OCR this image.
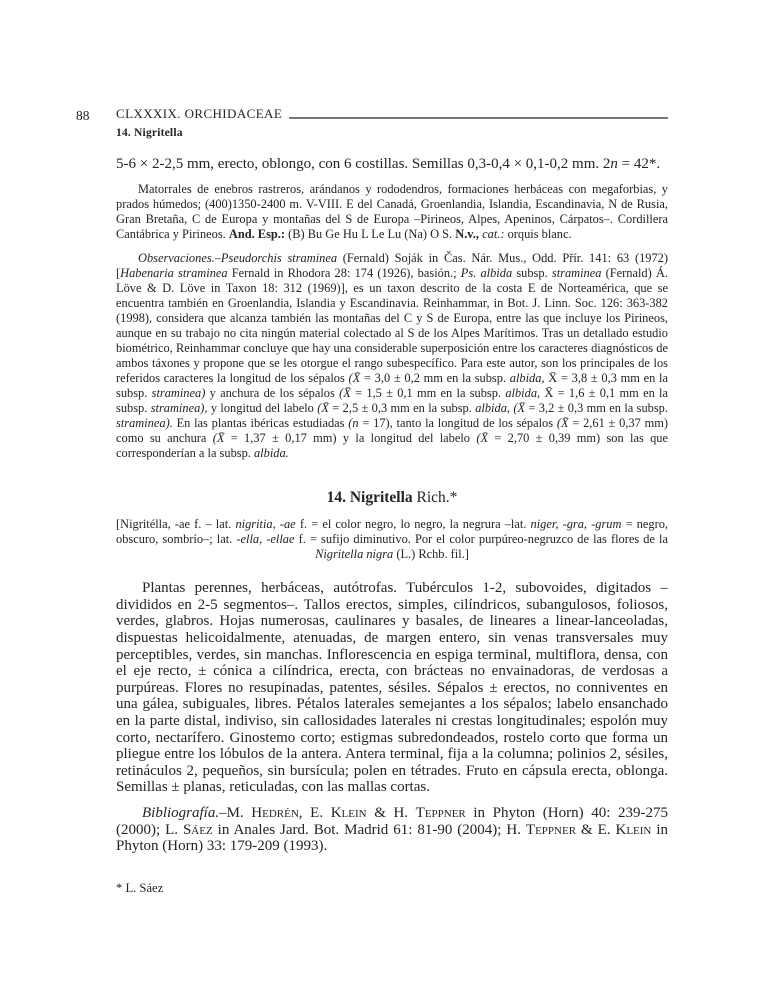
88 CLXXXIX. ORCHIDACEAE
14. Nigritella

5-6 × 2-2,5 mm, erecto, oblongo, con 6 costillas. Semillas 0,3-0,4 × 0,1-0,2 mm. 2n = 42*.

Matorrales de enebros rastreros, arándanos y rododendros, formaciones herbáceas con megaforbias, y prados húmedos; (400)1350-2400 m. V-VIII. E del Canadá, Groenlandia, Islandia, Escandinavia, N de Rusia, Gran Bretaña, C de Europa y montañas del S de Europa –Pirineos, Alpes, Apeninos, Cárpatos–. Cordillera Cantábrica y Pirineos. And. Esp.: (B) Bu Ge Hu L Le Lu (Na) O S. N.v., cat.: orquis blanc.

Observaciones.–Pseudorchis straminea (Fernald) Soják in Čas. Nár. Mus., Odd. Přír. 141: 63 (1972) [Habenaria straminea Fernald in Rhodora 28: 174 (1926), basión.; Ps. albida subsp. straminea (Fernald) Á. Löve & D. Löve in Taxon 18: 312 (1969)], es un taxon descrito de la costa E de Norteamérica, que se encuentra también en Groenlandia, Islandia y Escandinavia. Reinhammar, in Bot. J. Linn. Soc. 126: 363-382 (1998), considera que alcanza también las montañas del C y S de Europa, entre las que incluye los Pirineos, aunque en su trabajo no cita ningún material colectado al S de los Alpes Marítimos. Tras un detallado estudio biométrico, Reinhammar concluye que hay una considerable superposición entre los caracteres diagnósticos de ambos táxones y propone que se les otorgue el rango subespecífico. Para este autor, son los principales de los referidos caracteres la longitud de los sépalos (X̄ = 3,0 ± 0,2 mm en la subsp. albida, X̄ = 3,8 ± 0,3 mm en la subsp. straminea) y anchura de los sépalos (X̄ = 1,5 ± 0,1 mm en la subsp. albida, X̄ = 1,6 ± 0,1 mm en la subsp. straminea), y longitud del labelo (X̄ = 2,5 ± 0,3 mm en la subsp. albida, (X̄ = 3,2 ± 0,3 mm en la subsp. straminea). En las plantas ibéricas estudiadas (n = 17), tanto la longitud de los sépalos (X̄ = 2,61 ± 0,37 mm) como su anchura (X̄ = 1,37 ± 0,17 mm) y la longitud del labelo (X̄ = 2,70 ± 0,39 mm) son las que corresponderían a la subsp. albida.

14. Nigritella Rich.*

[Nigritélla, -ae f. – lat. nigritia, -ae f. = el color negro, lo negro, la negrura –lat. niger, -gra, -grum = negro, obscuro, sombrío–; lat. -ella, -ellae f. = sufijo diminutivo. Por el color purpúreo-negruzco de las flores de la Nigritella nigra (L.) Rchb. fil.]

Plantas perennes, herbáceas, autótrofas. Tubérculos 1-2, subovoides, digitados –divididos en 2-5 segmentos–. Tallos erectos, simples, cilíndricos, subangulosos, foliosos, verdes, glabros. Hojas numerosas, caulinares y basales, de lineares a linear-lanceoladas, dispuestas helicoidalmente, atenuadas, de margen entero, sin venas transversales muy perceptibles, verdes, sin manchas. Inflorescencia en espiga terminal, multiflora, densa, con el eje recto, ± cónica a cilíndrica, erecta, con brácteas no envainadoras, de verdosas a purpúreas. Flores no resupinadas, patentes, sésiles. Sépalos ± erectos, no conniventes en una gálea, subiguales, libres. Pétalos laterales semejantes a los sépalos; labelo ensanchado en la parte distal, indiviso, sin callosidades laterales ni crestas longitudinales; espolón muy corto, nectarífero. Ginostemo corto; estigmas subredondeados, rostelo corto que forma un pliegue entre los lóbulos de la antera. Antera terminal, fija a la columna; polinios 2, sésiles, retináculos 2, pequeños, sin bursícula; polen en tétrades. Fruto en cápsula erecta, oblonga. Semillas ± planas, reticuladas, con las mallas cortas.

Bibliografía.–M. Hedrén, E. Klein & H. Teppner in Phyton (Horn) 40: 239-275 (2000); L. Sáez in Anales Jard. Bot. Madrid 61: 81-90 (2004); H. Teppner & E. Klein in Phyton (Horn) 33: 179-209 (1993).

* L. Sáez
